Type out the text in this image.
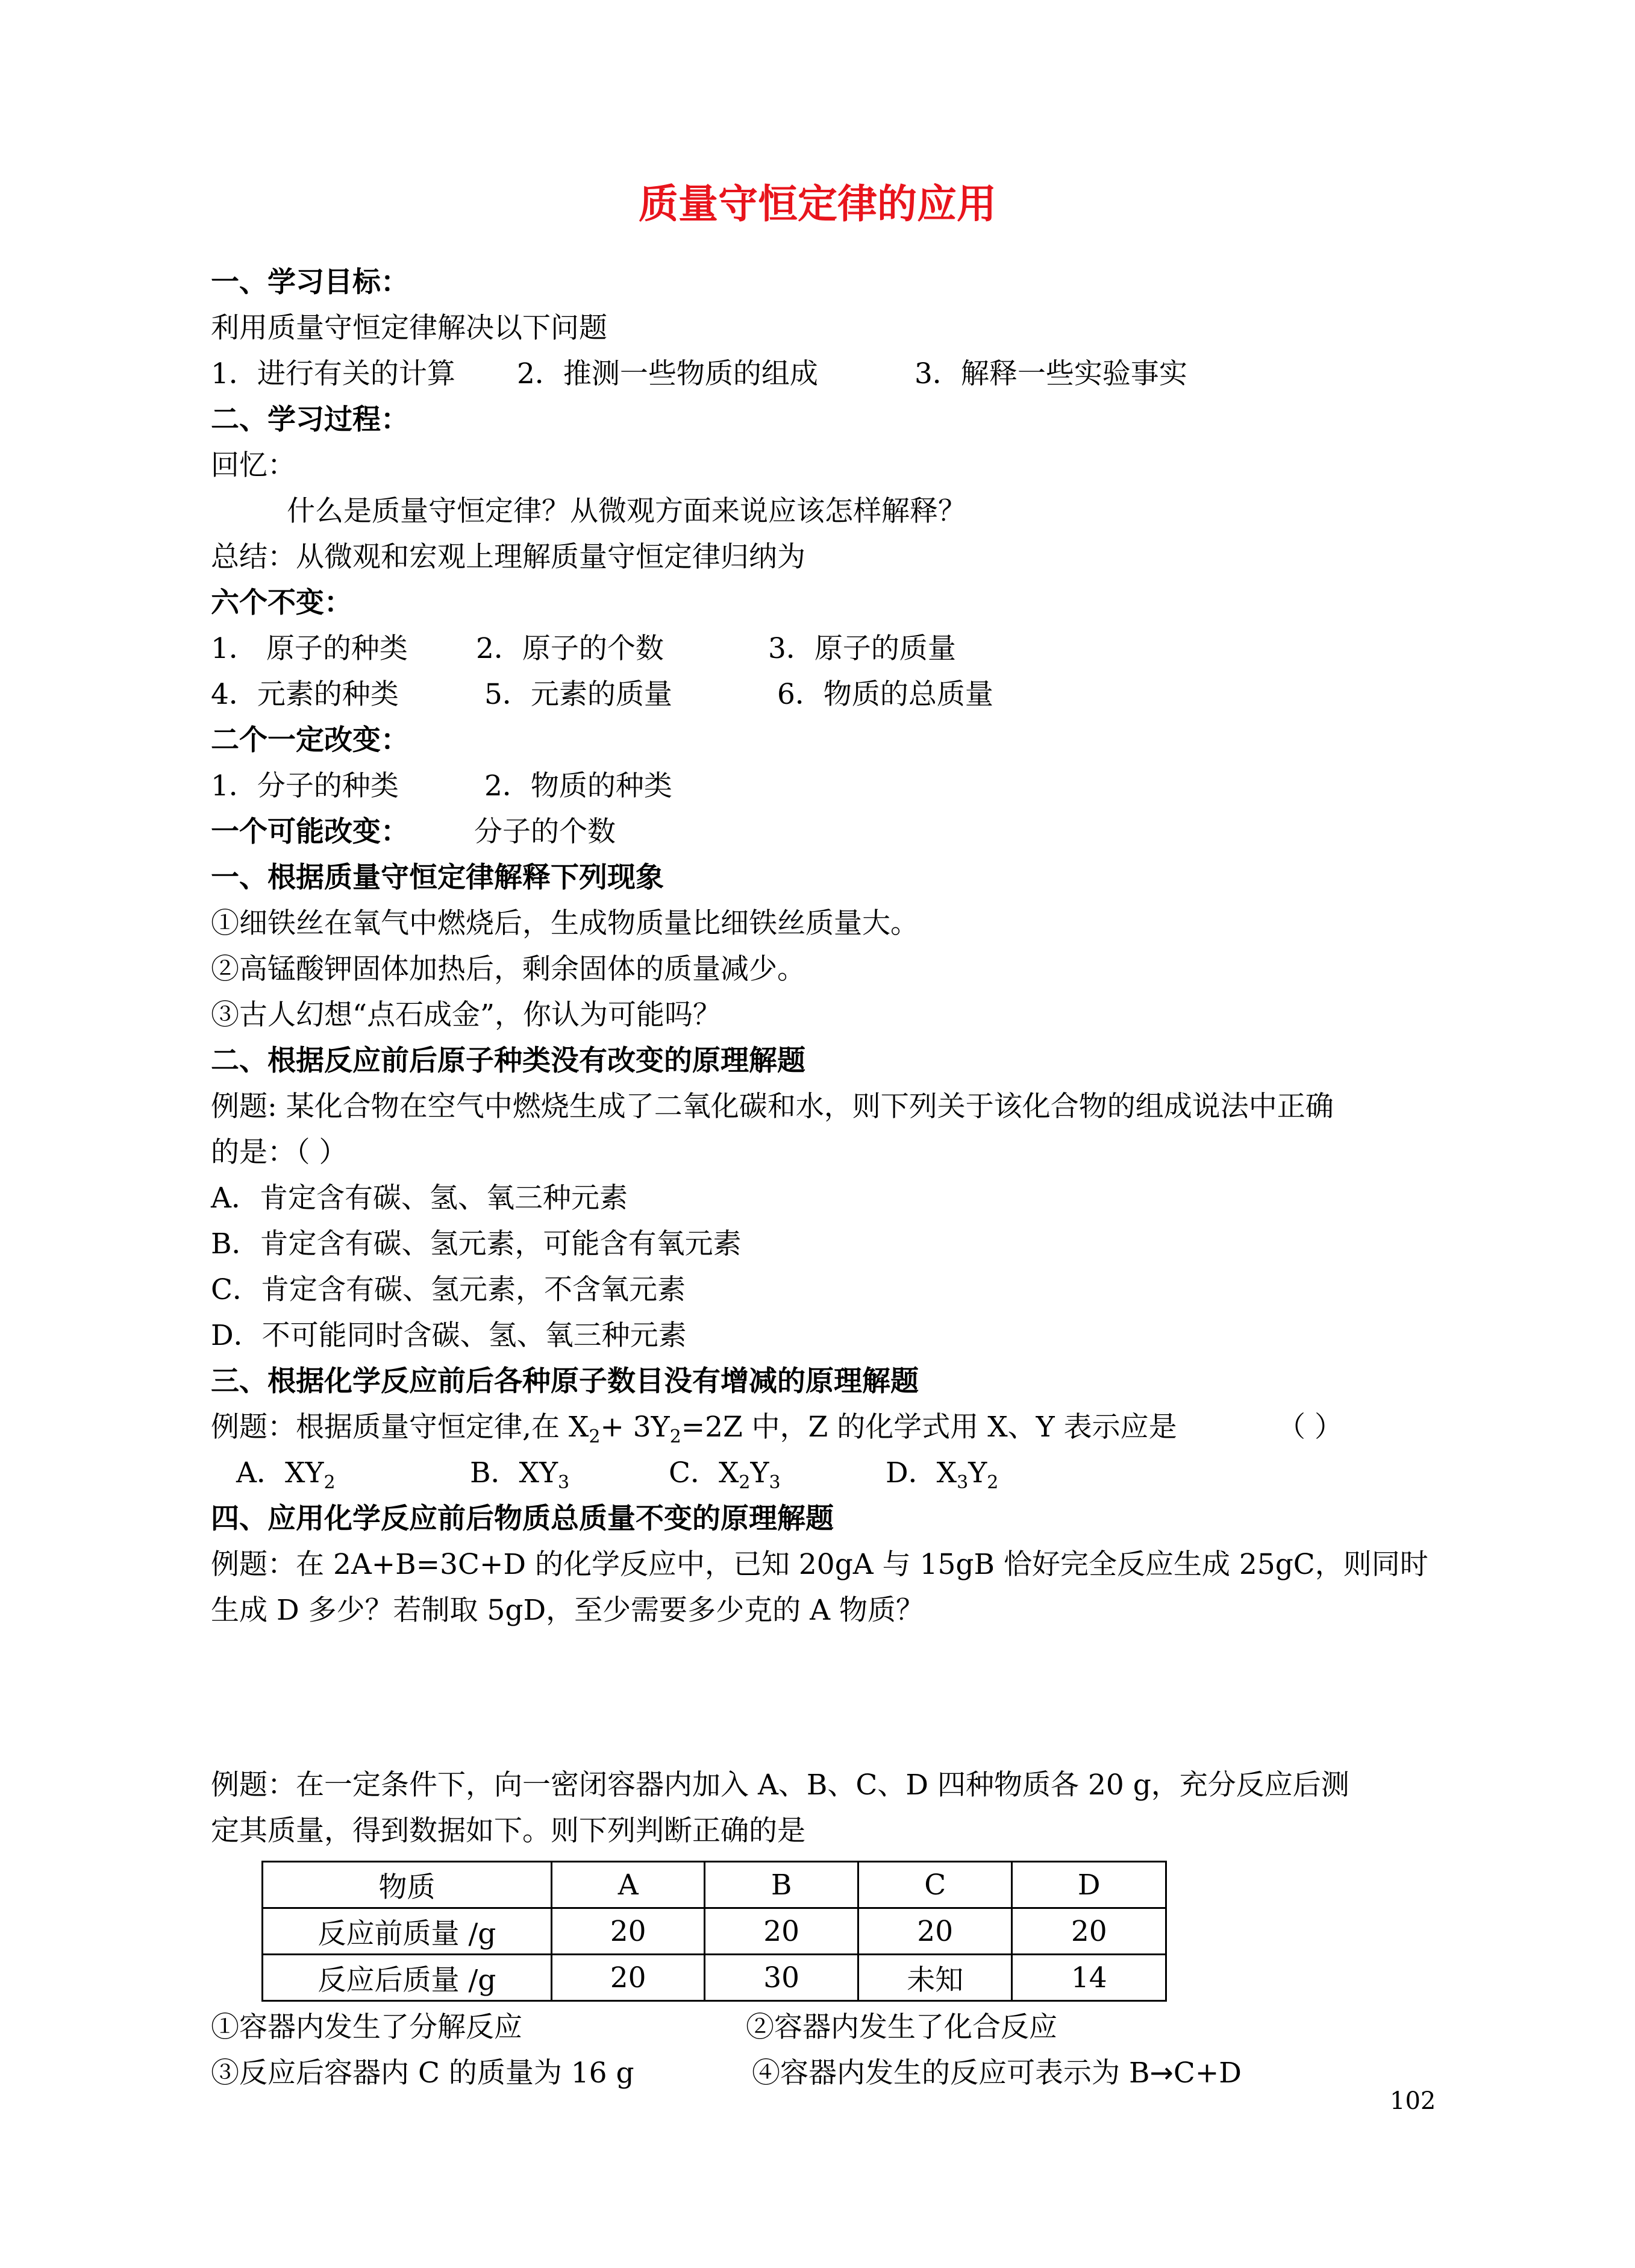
质量守恒定律的应用
一、学习目标：
利用质量守恒定律解决以下问题
1．进行有关的计算 2．推测一些物质的组成	3．解释一些实验事实
二、学习过程：
回忆：
什么是质量守恒定律？从微观方面来说应该怎样解释？
总结：从微观和宏观上理解质量守恒定律归纳为
六个不变：
1． 原子的种类 2．原子的个数	3．原子的质量
4．元素的种类	5．元素的质量	6．物质的总质量
二个一定改变：
1．分子的种类	2．物质的种类
一个可能改变： 分子的个数
一、根据质量守恒定律解释下列现象
①细铁丝在氧气中燃烧后，生成物质量比细铁丝质量大。
②高锰酸钾固体加热后，剩余固体的质量减少。
③古人幻想“点石成金”，你认为可能吗？
二、根据反应前后原子种类没有改变的原理解题
例题: 某化合物在空气中燃烧生成了二氧化碳和水，则下列关于该化合物的组成说法中正确
的是：（ ）
A．肯定含有碳、氢、氧三种元素
B．肯定含有碳、氢元素，可能含有氧元素
C．肯定含有碳、氢元素，不含氧元素
D．不可能同时含碳、氢、氧三种元素
三、根据化学反应前后各种原子数目没有增减的原理解题
例题：根据质量守恒定律,在 $X_2+ 3Y_2=2Z$ 中，Z 的化学式用 X、Y 表示应是	（ ）
A．$XY_2$	B．$XY_3$	C．$X_2Y_3$	D．$X_3Y_2$
四、应用化学反应前后物质总质量不变的原理解题
例题：在 2A+B=3C+D 的化学反应中，已知 20gA 与 15gB 恰好完全反应生成 25gC，则同时
生成 D 多少？若制取 5gD，至少需要多少克的 A 物质？
例题：在一定条件下，向一密闭容器内加入 A、B、C、D 四种物质各 20 g，充分反应后测
定其质量，得到数据如下。则下列判断正确的是
物质	A	B	C	D
反应前质量 /g	20	20	20	20
反应后质量 /g	20	30	未知	14
①容器内发生了分解反应	②容器内发生了化合反应
③反应后容器内 C 的质量为 16 g	④容器内发生的反应可表示为 B→C+D
102
